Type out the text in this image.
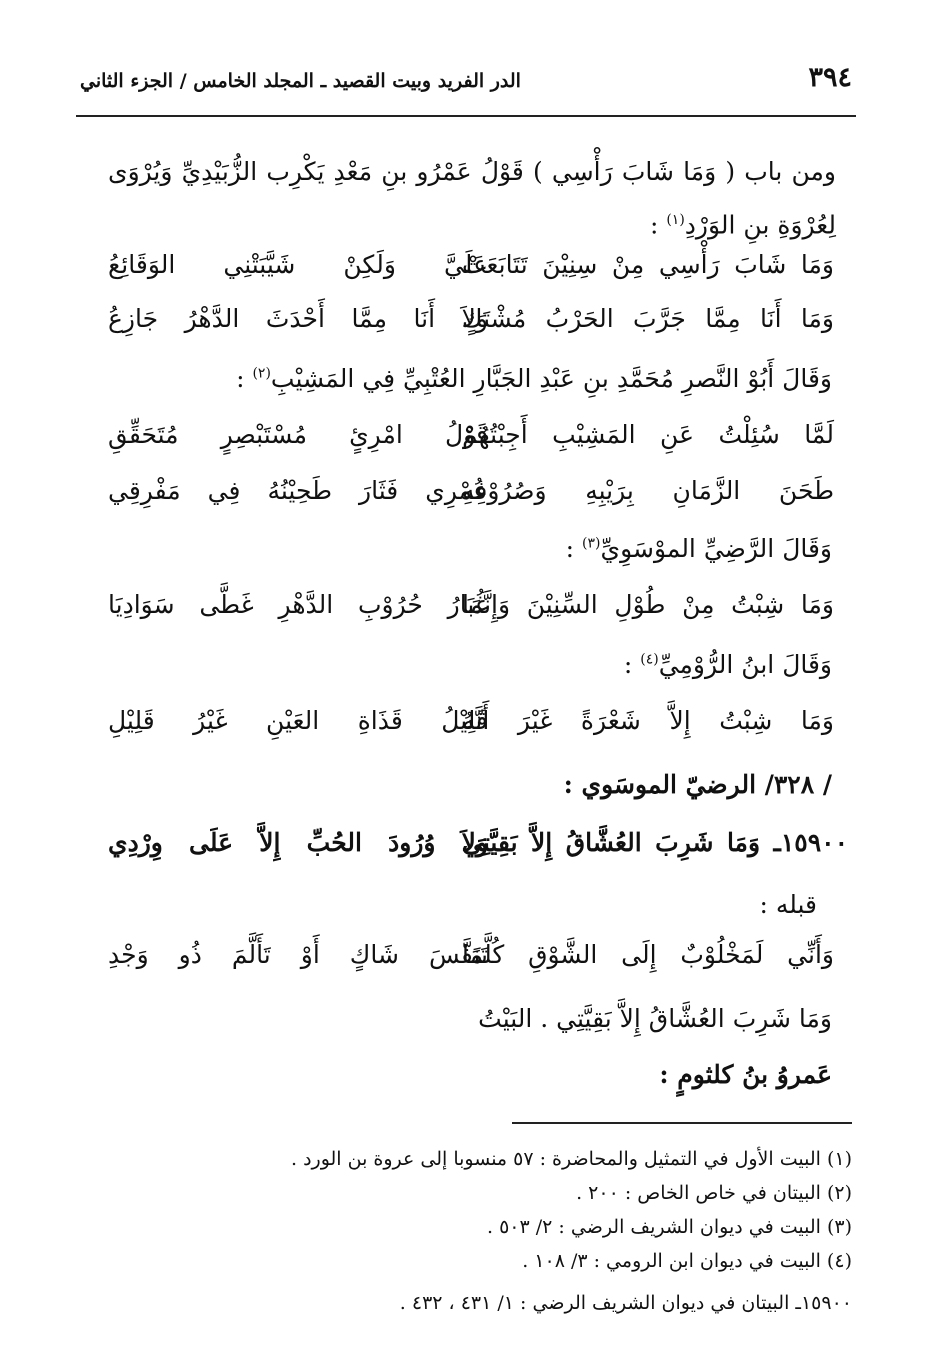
٣٩٤
الدر الفريد وبيت القصيد ـ المجلد الخامس / الجزء الثاني
ومن باب ( وَمَا شَابَ رَأْسِي ) قَوْلُ عَمْرُو بنِ مَعْدِ يَكْرِب الزُّبَيْدِيِّ وَيُرْوَى لِعُرْوَةِ بنِ الوَرْدِ$^{(١)}$ :
وَمَا شَابَ رَأْسِي مِنْ سِنِيْنَ تَتَابَعَتْ
عَلَيَّ وَلَكِنْ شَيَّبَتْنِي الوَقَائِعُ
وَمَا أَنَا مِمَّا جَرَّبَ الحَرْبُ مُشْتَكٍ
وَلاَ أَنَا مِمَّا أَحْدَثَ الدَّهْرُ جَازِعُ
وَقَالَ أَبُوْ النَّصرِ مُحَمَّدِ بنِ عَبْدِ الجَبَّارِ العُتْبِيِّ فِي المَشِيْبِ$^{(٢)}$ :
لَمَّا سُئِلْتُ عَنِ المَشِيْبِ أَجِبْتُهُمْ
قَوْلُ امْرِئٍ مُسْتَبْصِرٍ مُتَحَقِّقِ
طَحَنَ الزَّمَانِ بِرَيْبِهِ وَصُرُوْفِهِ
عُمْرِي فَثَارَ طَحِيْنُهُ فِي مَفْرِقِي
وَقَالَ الرَّضِيِّ الموْسَوِيِّ$^{(٣)}$ :
وَمَا شِبْتُ مِنْ طُوْلِ السِّنِيْنَ وَإِنَّمَا
غُبَارُ حُرُوْبِ الدَّهْرِ غَطَّى سَوَادِيَا
وَقَالَ ابنُ الرُّوْمِيِّ$^{(٤)}$ :
وَمَا شِبْتُ إِلاَّ شَعْرَةً غَيْرَ أَنَّهُ
قَلِيْلُ قَذَاةِ العَيْنِ غَيْرُ قَلِيْلِ
/ ٣٢٨/ الرضيّ الموسَوي :
١٥٩٠٠ـ وَمَا شَرِبَ العُشَّاقُ إِلاَّ بَقِيَّتِي
وَلاَ وُرُودَ الحُبِّ إِلاَّ عَلَى وِرْدِي
قبله :
وَأَنِّي لَمَخْلُوْبٌ إِلَى الشَّوْقِ كُلَّمَا
تَنَفَّسَ شَاكٍ أَوْ تَأَلَّمَ ذُو وَجْدِ
وَمَا شَرِبَ العُشَّاقُ إِلاَّ بَقِيَّتِي . البَيْتُ
عَمروُ بنُ كلثومٍ :
(١) البيت الأول في التمثيل والمحاضرة : ٥٧ منسوبا إلى عروة بن الورد .
(٢) البيتان في خاص الخاص : ٢٠٠ .
(٣) البيت في ديوان الشريف الرضي : ٢/ ٥٠٣ .
(٤) البيت في ديوان ابن الرومي : ٣/ ١٠٨ .
١٥٩٠٠ـ البيتان في ديوان الشريف الرضي : ١/ ٤٣١ ، ٤٣٢ .
